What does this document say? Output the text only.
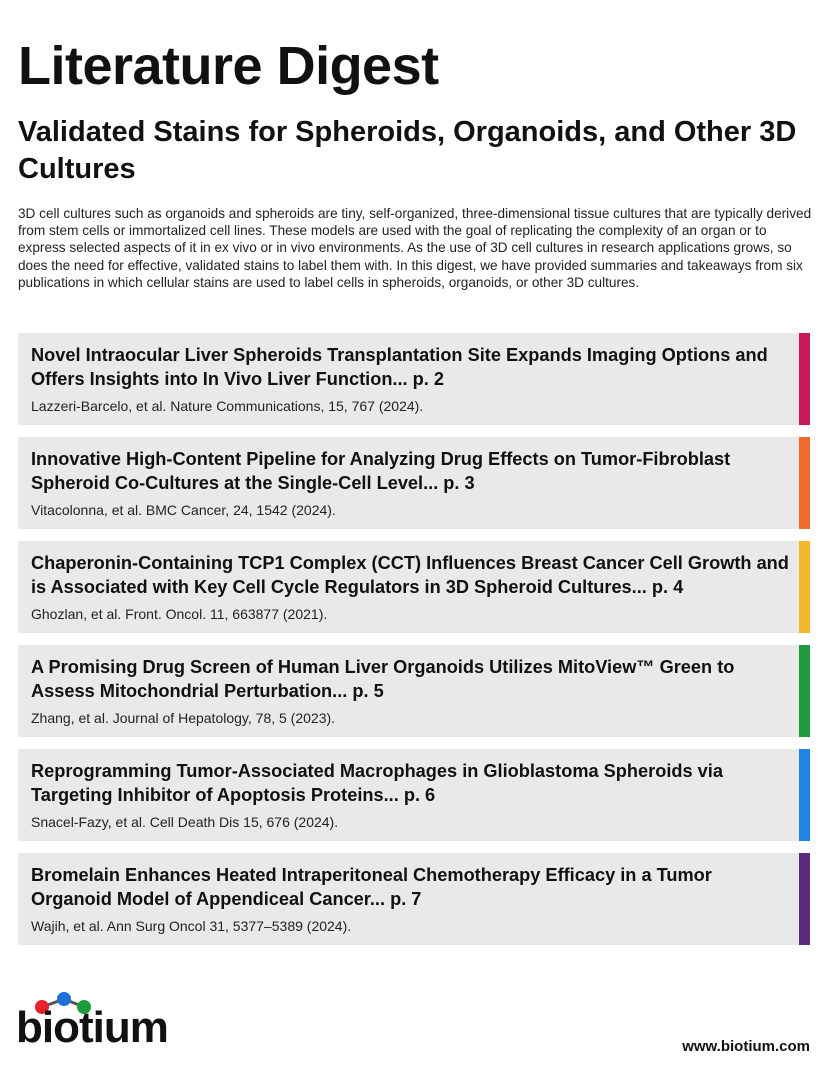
Literature Digest
Validated Stains for Spheroids, Organoids, and Other 3D Cultures

3D cell cultures such as organoids and spheroids are tiny, self-organized, three-dimensional tissue cultures that are typically derived from stem cells or immortalized cell lines. These models are used with the goal of replicating the complexity of an organ or to express selected aspects of it in ex vivo or in vivo environments. As the use of 3D cell cultures in research applications grows, so does the need for effective, validated stains to label them with. In this digest, we have provided summaries and takeaways from six publications in which cellular stains are used to label cells in spheroids, organoids, or other 3D cultures.

Novel Intraocular Liver Spheroids Transplantation Site Expands Imaging Options and Offers Insights into In Vivo Liver Function... p. 2

Lazzeri-Barcelo, et al. Nature Communications, 15, 767 (2024).

Innovative High-Content Pipeline for Analyzing Drug Effects on Tumor-Fibroblast Spheroid Co-Cultures at the Single-Cell Level... p. 3

Vitacolonna, et al. BMC Cancer, 24, 1542 (2024).

Chaperonin-Containing TCP1 Complex (CCT) Influences Breast Cancer Cell Growth and is Associated with Key Cell Cycle Regulators in 3D Spheroid Cultures... p. 4

Ghozlan, et al. Front. Oncol. 11, 663877 (2021).

A Promising Drug Screen of Human Liver Organoids Utilizes MitoView™ Green to Assess Mitochondrial Perturbation... p. 5

Zhang, et al. Journal of Hepatology, 78, 5 (2023).

Reprogramming Tumor-Associated Macrophages in Glioblastoma Spheroids via Targeting Inhibitor of Apoptosis Proteins... p. 6

Snacel-Fazy, et al. Cell Death Dis 15, 676 (2024).

Bromelain Enhances Heated Intraperitoneal Chemotherapy Efficacy in a Tumor Organoid Model of Appendiceal Cancer... p. 7

Wajih, et al. Ann Surg Oncol 31, 5377–5389 (2024).

biotium	www.biotium.com
